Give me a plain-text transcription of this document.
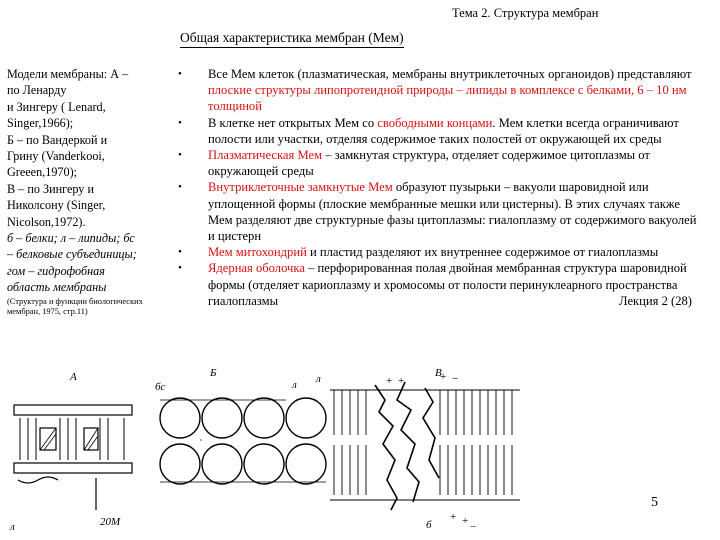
Тема 2. Структура мембран
Общая характеристика мембран (Мем)

Модели мембраны: А –

по Ленарду

и Зингеру ( Lenard,

Singer,1966);

Б – по Вандеркой и

Грину (Vanderkooi,

Greeen,1970);

В – по Зингеру и

Николсону (Singer,

Nicolson,1972).

б – белки; л – липиды; бс

– белковые субъединицы;

гом – гидрофобная

область мембраны

(Структура и функции биологических мембран, 1975, стр.11)

• Все Мем клеток (плазматическая, мембраны внутриклеточных органоидов) представляют плоские структуры липопротеидной природы – липиды в комплексе с белками, 6 – 10 нм толщиной
• В клетке нет открытых Мем со свободными концами. Мем клетки всегда ограничивают полости или участки, отделяя содержимое таких полостей от окружающей их среды
• Плазматическая Мем – замкнутая структура, отделяет содержимое цитоплазмы от окружающей среды
• Внутриклеточные замкнутые Мем образуют пузырьки – вакуоли шаровидной или уплощенной формы (плоские мембранные мешки или цистерны). В этих случаях также Мем разделяют две структурные фазы цитоплазмы: гиалоплазму от содержимого вакуолей и цистерн
• Мем митохондрий и пластид разделяют их внутреннее содержимое от гиалоплазмы
• Ядерная оболочка – перфорированная полая двойная мембранная структура шаровидной формы (отделяет кариоплазму и хромосомы от полости перинуклеарного пространства гиалоплазмы	Лекция 2 (28)
А
л	20М
бс
Б
л	+ +	+ −
+ + −
В
л
б
5
